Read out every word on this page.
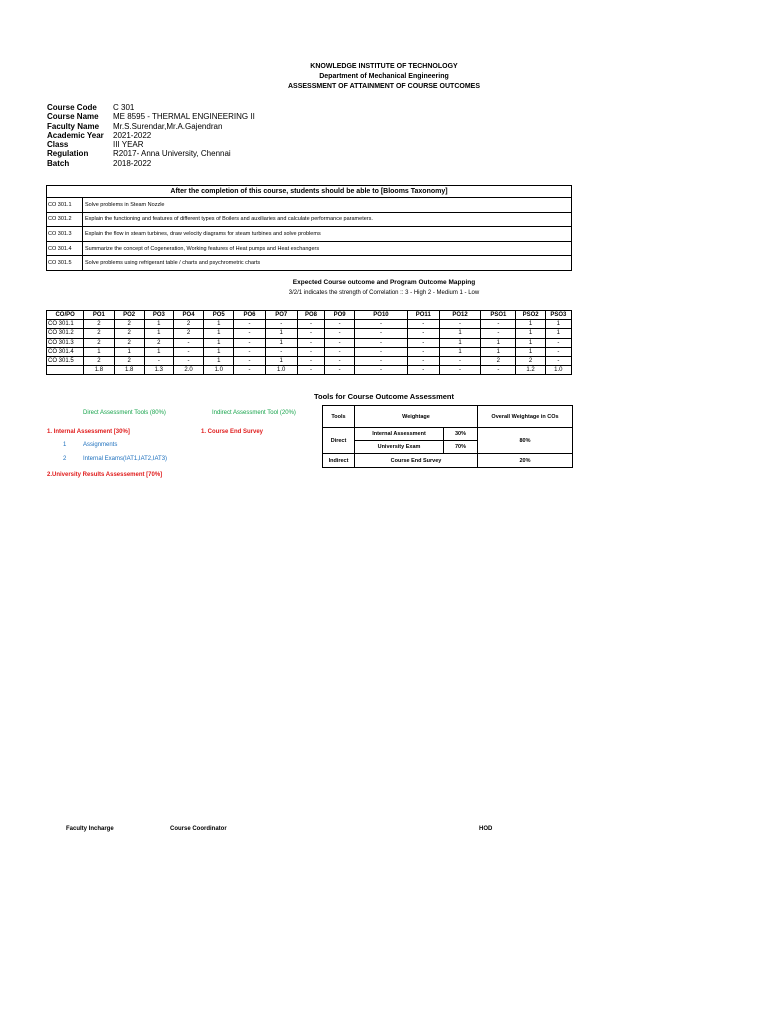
KNOWLEDGE INSTITUTE OF TECHNOLOGY
Department of Mechanical Engineering
ASSESSMENT OF ATTAINMENT OF COURSE OUTCOMES
Course Code C 301
Course Name ME 8595 - THERMAL ENGINEERING II
Faculty Name Mr.S.Surendar,Mr.A.Gajendran
Academic Year 2021-2022
Class	III YEAR
Regulation	R2017- Anna University, Chennai
Batch	2018-2022
After the completion of this course, students should be able to [Blooms Taxonomy]	
CO 301.1	Solve problems in Steam Nozzle
CO 301.2	Explain the functioning and features of different types of Boilers and auxiliaries and calculate performance parameters.
CO 301.3	Explain the flow in steam turbines, draw velocity diagrams for steam turbines and solve problems
CO 301.4	Summarize the concept of Cogeneration, Working features of Heat pumps and Heat exchangers
CO 301.5	Solve problems using refrigerant table / charts and psychrometric charts
Expected Course outcome and Program Outcome Mapping
3/2/1 indicates the strength of Correlation :: 3 - High 2 - Medium 1 - Low
CO/PO	PO1	PO2	PO3	PO4	PO5	PO6	PO7	PO8	PO9	PO10	PO11	PO12	PSO1	PSO2	PSO3
CO 301.1	2	2	1	2	1	-	-	-	-	-	-	-	-	1	1
CO 301.2	2	2	1	2	1	-	1	-	-	-	-	1	-	1	1
CO 301.3	2	2	2	-	1	-	1	-	-	-	-	1	1	1	-
CO 301.4	1	1	1	-	1	-	-	-	-	-	-	1	1	1	-
CO 301.5	2	2	-	-	1	-	1	-	-	-	-	-	2	2	-
	1.8	1.8	1.3	2.0	1.0	-	1.0	-	-	-	-	-	-	1.2	1.0
Tools for Course Outcome Assessment
Direct Assessment Tools (80%)	Indirect Assessment Tool (20%)
1. Internal Assessment [30%]	1. Course End Survey
1	Assignments
2	Internal Exams(IAT1,IAT2,IAT3)
2.University Results Assessement [70%]
Tools	Weightage		Overall Weightage in COs
Direct	Internal Assessment	30%	80%
	University Exam	70%	
Indirect	Course End Survey		20%
Faculty Incharge	Course Coordinator	HOD
